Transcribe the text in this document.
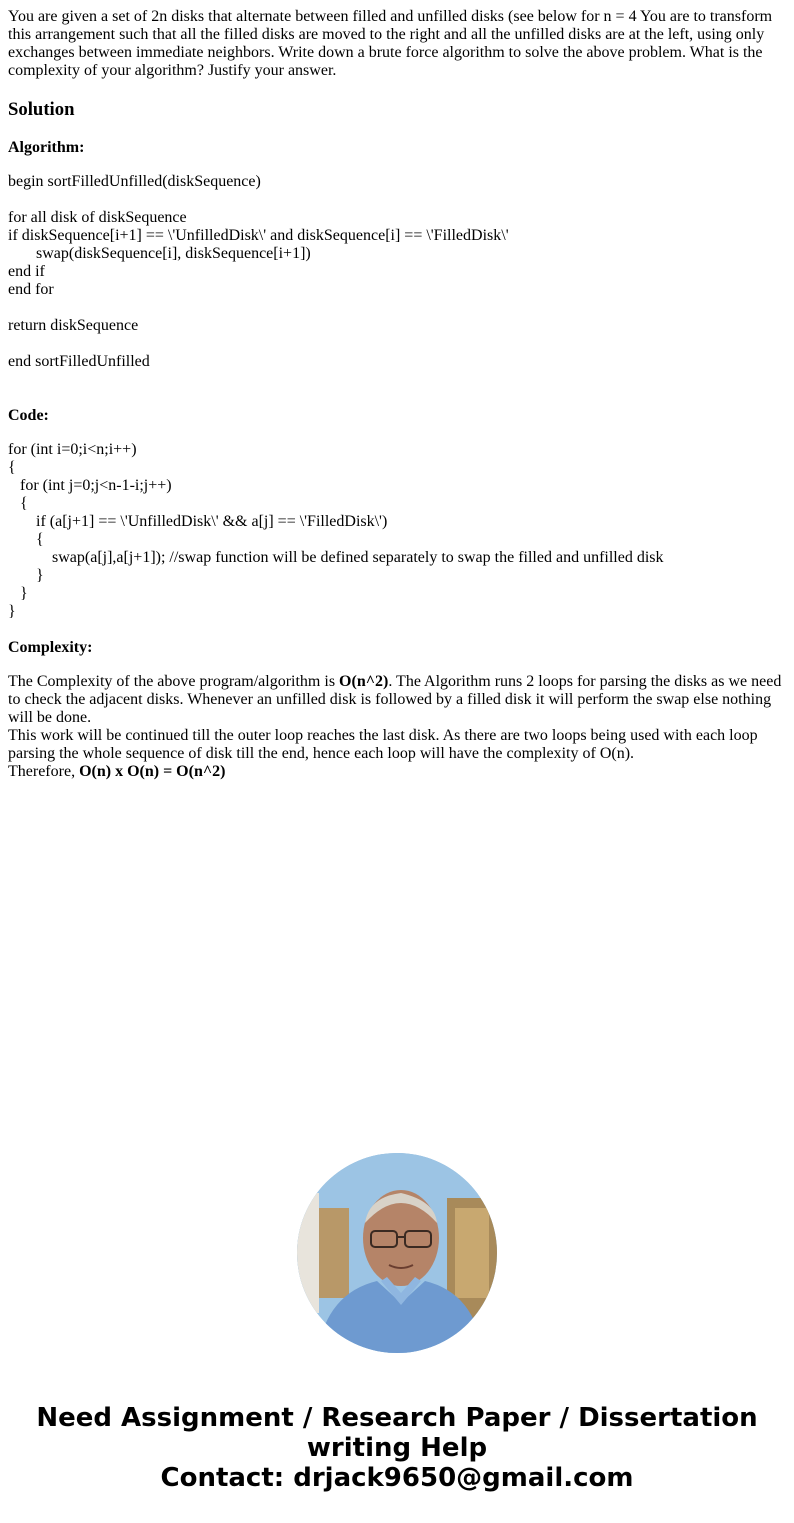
You are given a set of 2n disks that alternate between filled and unfilled disks (see below for n = 4 You are to transform this arrangement such that all the filled disks are moved to the right and all the unfilled disks are at the left, using only exchanges between immediate neighbors. Write down a brute force algorithm to solve the above problem. What is the complexity of your algorithm? Justify your answer.

Solution
Algorithm:
begin sortFilledUnfilled(diskSequence)
for all disk of diskSequence
if diskSequence[i+1] == \'UnfilledDisk\' and diskSequence[i] == \'FilledDisk\'
swap(diskSequence[i], diskSequence[i+1])
end if
end for
return diskSequence
end sortFilledUnfilled
Code:
for (int i=0;i<n;i++)
{
for (int j=0;j<n-1-i;j++)
{
if (a[j+1] == \'UnfilledDisk\' && a[j] == \'FilledDisk\')
{
swap(a[j],a[j+1]); //swap function will be defined separately to swap the filled and unfilled disk
}
}
}
Complexity:

The Complexity of the above program/algorithm is O(n^2). The Algorithm runs 2 loops for parsing the disks as we need to check the adjacent disks. Whenever an unfilled disk is followed by a filled disk it will perform the swap else nothing will be done.

This work will be continued till the outer loop reaches the last disk. As there are two loops being used with each loop parsing the whole sequence of disk till the end, hence each loop will have the complexity of O(n).

Therefore, O(n) x O(n) = O(n^2)

Need Assignment / Research Paper / Dissertation
writing Help
Contact: drjack9650@gmail.com
